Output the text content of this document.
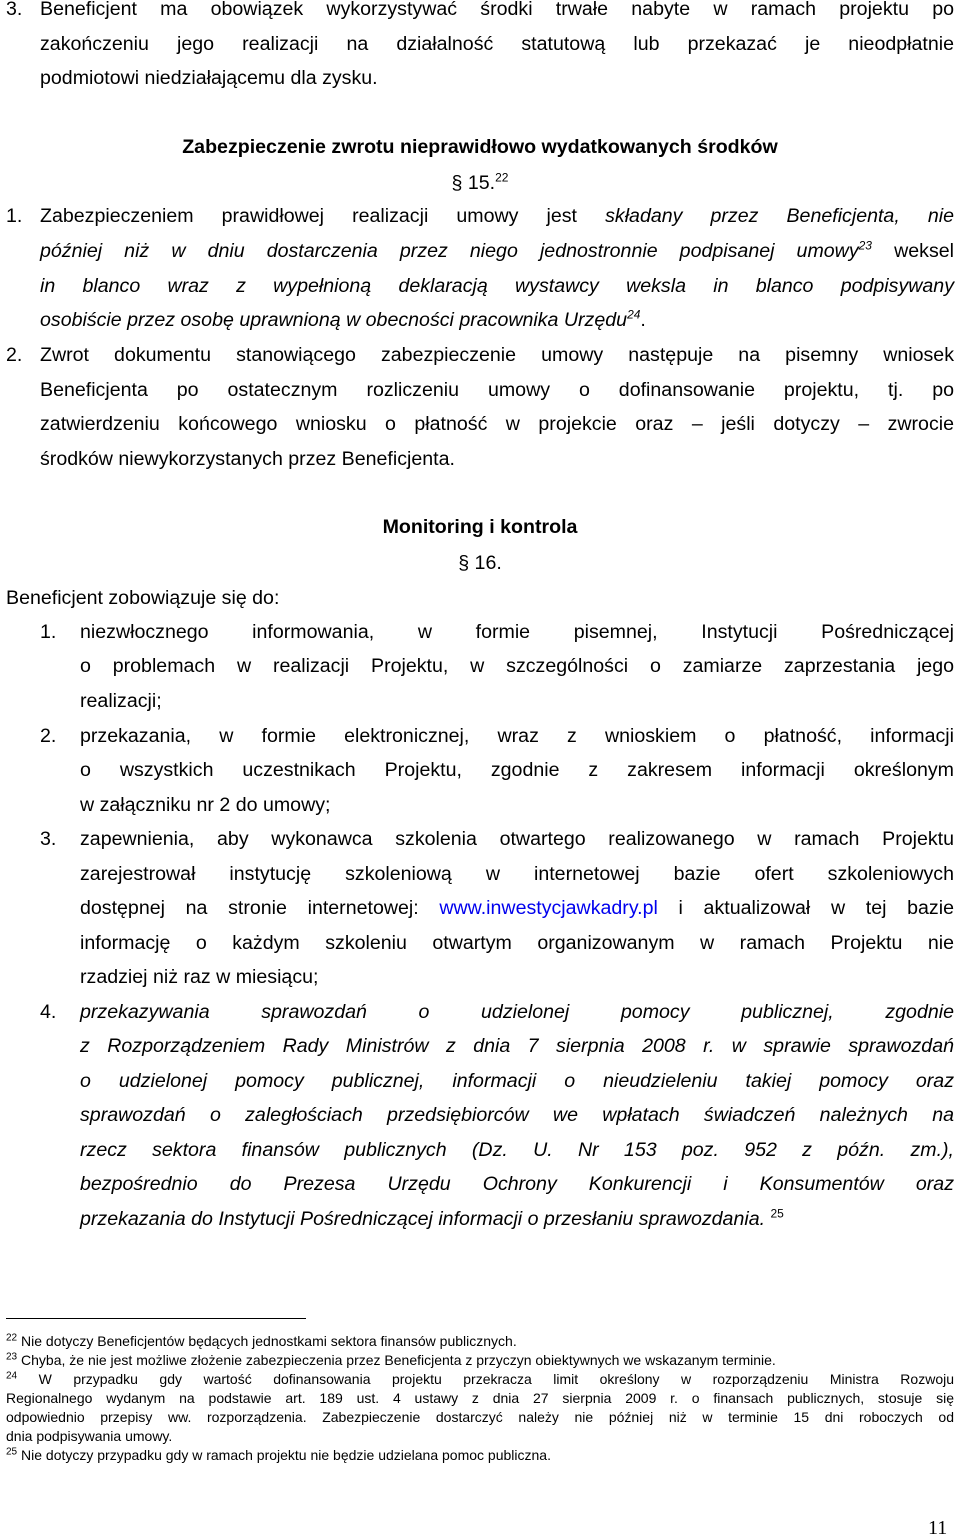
3. Beneficjent ma obowiązek wykorzystywać środki trwałe nabyte w ramach projektu po
zakończeniu jego realizacji na działalność statutową lub przekazać je nieodpłatnie
podmiotowi niedziałającemu dla zysku.
Zabezpieczenie zwrotu nieprawidłowo wydatkowanych środków
§ 15.22
1. Zabezpieczeniem prawidłowej realizacji umowy jest składany przez Beneficjenta, nie
później niż w dniu dostarczenia przez niego jednostronnie podpisanej umowy$^{23}$ weksel
in blanco wraz z wypełnioną deklaracją wystawcy weksla in blanco podpisywany
osobiście przez osobę uprawnioną w obecności pracownika Urzędu$^{24}$.
2. Zwrot dokumentu stanowiącego zabezpieczenie umowy następuje na pisemny wniosek
Beneficjenta po ostatecznym rozliczeniu umowy o dofinansowanie projektu, tj. po
zatwierdzeniu końcowego wniosku o płatność w projekcie oraz – jeśli dotyczy – zwrocie
środków niewykorzystanych przez Beneficjenta.
Monitoring i kontrola
§ 16.
Beneficjent zobowiązuje się do:
1.	niezwłocznego informowania, w formie pisemnej, Instytucji Pośredniczącej
o problemach w realizacji Projektu, w szczególności o zamiarze zaprzestania jego
realizacji;
2.	przekazania, w formie elektronicznej, wraz z wnioskiem o płatność, informacji
o wszystkich uczestnikach Projektu, zgodnie z zakresem informacji określonym
w załączniku nr 2 do umowy;
3.	zapewnienia, aby wykonawca szkolenia otwartego realizowanego w ramach Projektu
zarejestrował instytucję szkoleniową w internetowej bazie ofert szkoleniowych
dostępnej na stronie internetowej: www.inwestycjawkadry.pl i aktualizował w tej bazie
informację o każdym szkoleniu otwartym organizowanym w ramach Projektu nie
rzadziej niż raz w miesiącu;
4.	przekazywania sprawozdań o udzielonej pomocy publicznej, zgodnie
z Rozporządzeniem Rady Ministrów z dnia 7 sierpnia 2008 r. w sprawie sprawozdań
o udzielonej pomocy publicznej, informacji o nieudzieleniu takiej pomocy oraz
sprawozdań o zaległościach przedsiębiorców we wpłatach świadczeń należnych na
rzecz sektora finansów publicznych (Dz. U. Nr 153 poz. 952 z późn. zm.),
bezpośrednio do Prezesa Urzędu Ochrony Konkurencji i Konsumentów oraz
przekazania do Instytucji Pośredniczącej informacji o przesłaniu sprawozdania. $^{25}$
$^{22}$ Nie dotyczy Beneficjentów będących jednostkami sektora finansów publicznych.
$^{23}$ Chyba, że nie jest możliwe złożenie zabezpieczenia przez Beneficjenta z przyczyn obiektywnych we wskazanym terminie.
$^{24}$ W przypadku gdy wartość dofinansowania projektu przekracza limit określony w rozporządzeniu Ministra Rozwoju
Regionalnego wydanym na podstawie art. 189 ust. 4 ustawy z dnia 27 sierpnia 2009 r. o finansach publicznych, stosuje się
odpowiednio przepisy ww. rozporządzenia. Zabezpieczenie dostarczyć należy nie później niż w terminie 15 dni roboczych od
dnia podpisywania umowy.
$^{25}$ Nie dotyczy przypadku gdy w ramach projektu nie będzie udzielana pomoc publiczna.
11
